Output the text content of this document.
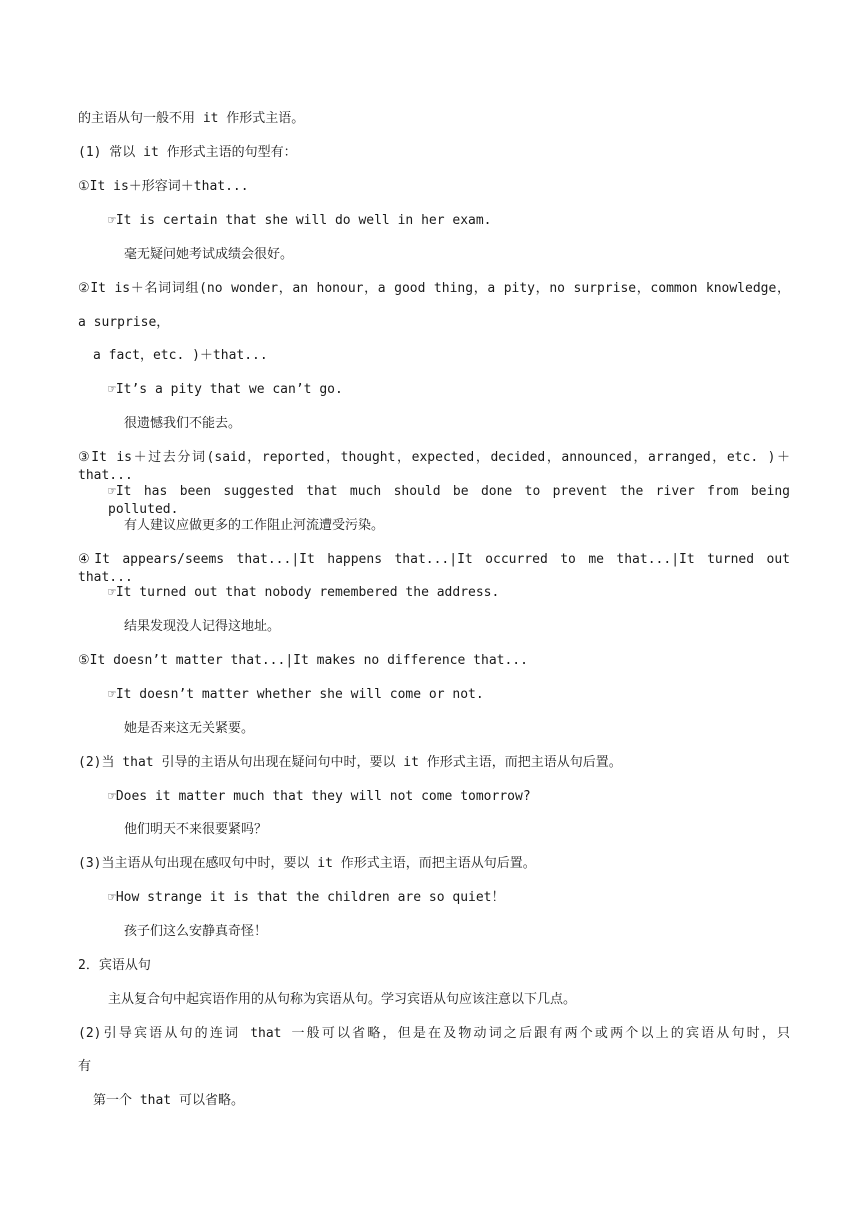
的主语从句一般不用 it 作形式主语。
(1) 常以 it 作形式主语的句型有：
①It is＋形容词＋that...
☞It is certain that she will do well in her exam.
毫无疑问她考试成绩会很好。
②It is＋名词词组(no wonder，an honour，a good thing，a pity，no surprise，common knowledge，
a surprise，
a fact，etc. )＋that...
☞It’s a pity that we can’t go.
很遗憾我们不能去。
③It is＋过去分词(said，reported，thought，expected，decided，announced，arranged，etc. )＋that...
☞It has been suggested that much should be done to prevent the river from being polluted.
有人建议应做更多的工作阻止河流遭受污染。
④It appears/seems that...|It happens that...|It occurred to me that...|It turned out that...
☞It turned out that nobody remembered the address.
结果发现没人记得这地址。
⑤It doesn’t matter that...|It makes no difference that...
☞It doesn’t matter whether she will come or not.
她是否来这无关紧要。
(2)当 that 引导的主语从句出现在疑问句中时，要以 it 作形式主语，而把主语从句后置。
☞Does it matter much that they will not come tomorrow?
他们明天不来很要紧吗？
(3)当主语从句出现在感叹句中时，要以 it 作形式主语，而把主语从句后置。
☞How strange it is that the children are so quiet！
孩子们这么安静真奇怪！
2．宾语从句
主从复合句中起宾语作用的从句称为宾语从句。学习宾语从句应该注意以下几点。
(2)引导宾语从句的连词 that 一般可以省略，但是在及物动词之后跟有两个或两个以上的宾语从句时，只
有
第一个 that 可以省略。
